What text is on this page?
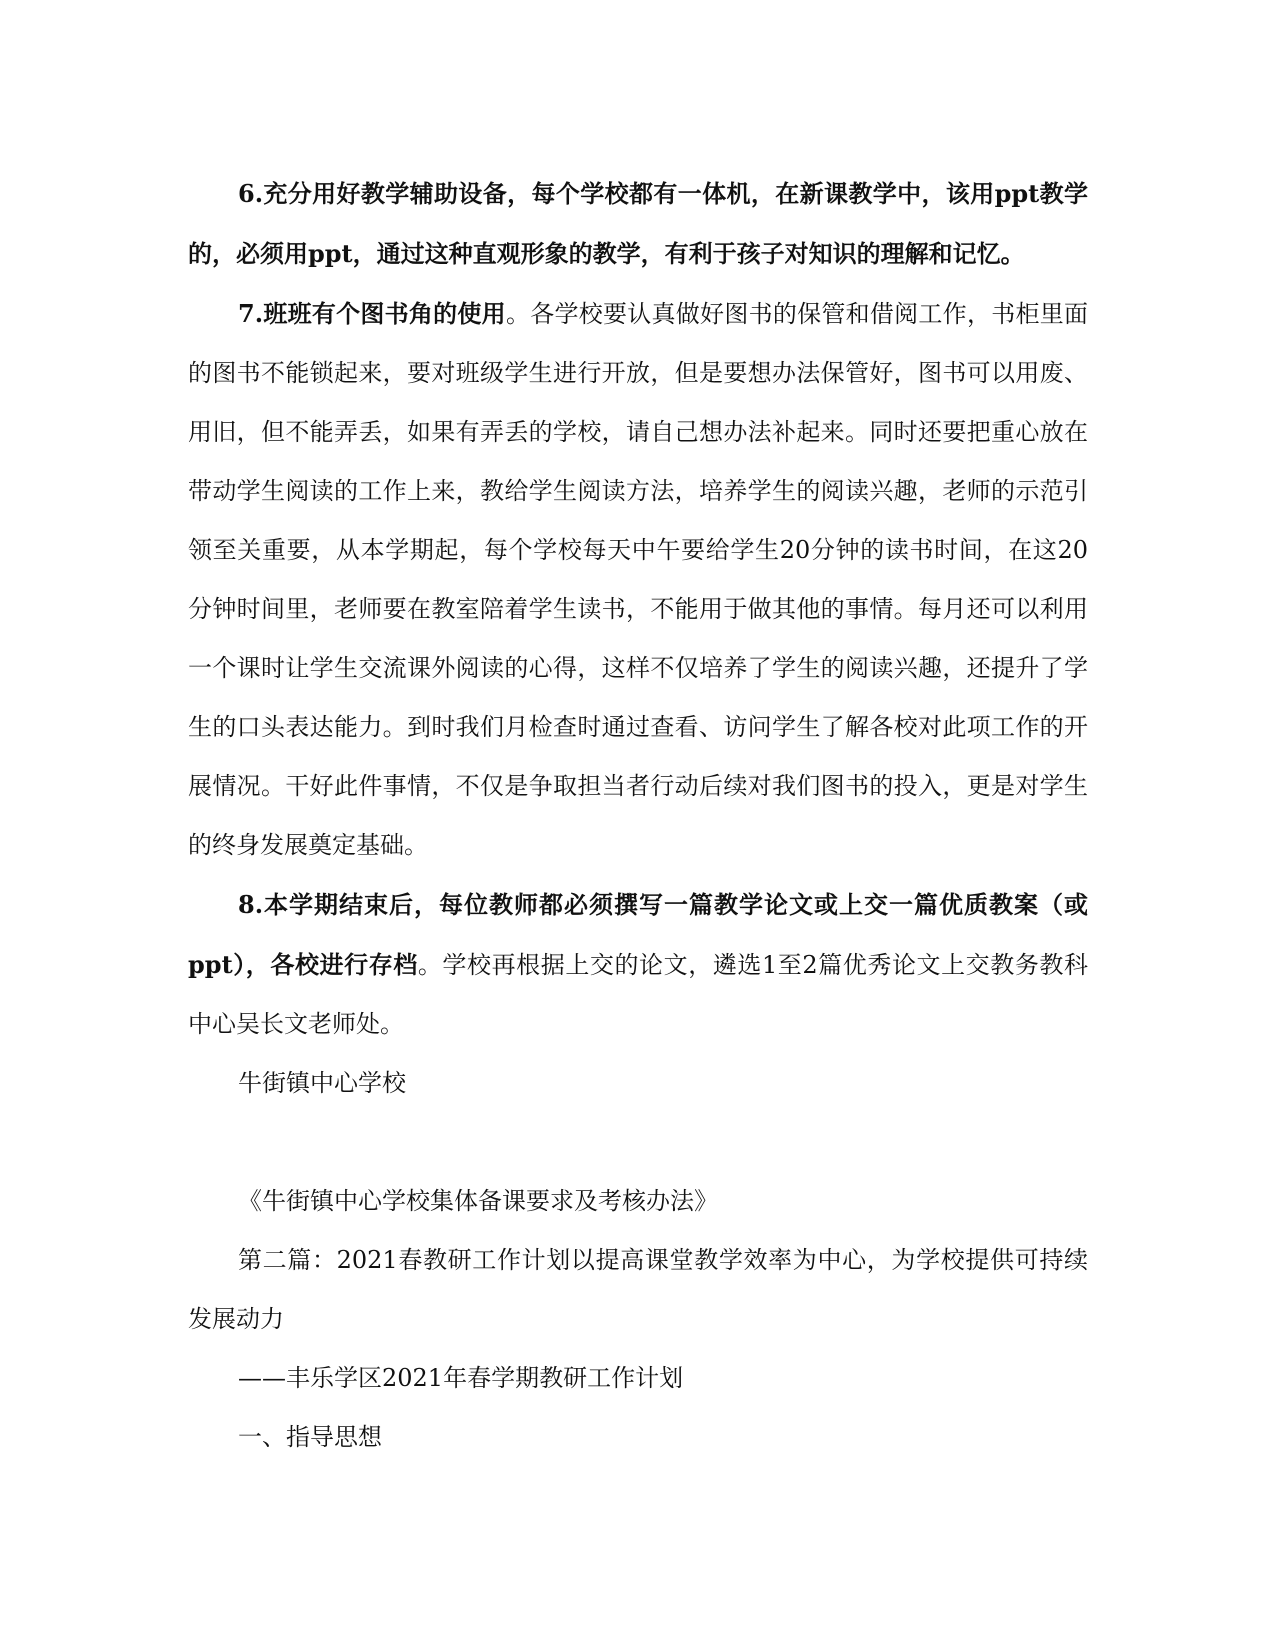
6.充分用好教学辅助设备，每个学校都有一体机，在新课教学中，该用ppt教学的，必须用ppt，通过这种直观形象的教学，有利于孩子对知识的理解和记忆。

7.班班有个图书角的使用。各学校要认真做好图书的保管和借阅工作，书柜里面的图书不能锁起来，要对班级学生进行开放，但是要想办法保管好，图书可以用废、用旧，但不能弄丢，如果有弄丢的学校，请自己想办法补起来。同时还要把重心放在带动学生阅读的工作上来，教给学生阅读方法，培养学生的阅读兴趣，老师的示范引领至关重要，从本学期起，每个学校每天中午要给学生20分钟的读书时间，在这20分钟时间里，老师要在教室陪着学生读书，不能用于做其他的事情。每月还可以利用一个课时让学生交流课外阅读的心得，这样不仅培养了学生的阅读兴趣，还提升了学生的口头表达能力。到时我们月检查时通过查看、访问学生了解各校对此项工作的开展情况。干好此件事情，不仅是争取担当者行动后续对我们图书的投入，更是对学生的终身发展奠定基础。

8.本学期结束后，每位教师都必须撰写一篇教学论文或上交一篇优质教案（或ppt），各校进行存档。学校再根据上交的论文，遴选1至2篇优秀论文上交教务教科中心吴长文老师处。

牛街镇中心学校

《牛街镇中心学校集体备课要求及考核办法》

第二篇：2021春教研工作计划以提高课堂教学效率为中心，为学校提供可持续发展动力

——丰乐学区2021年春学期教研工作计划

一、指导思想
